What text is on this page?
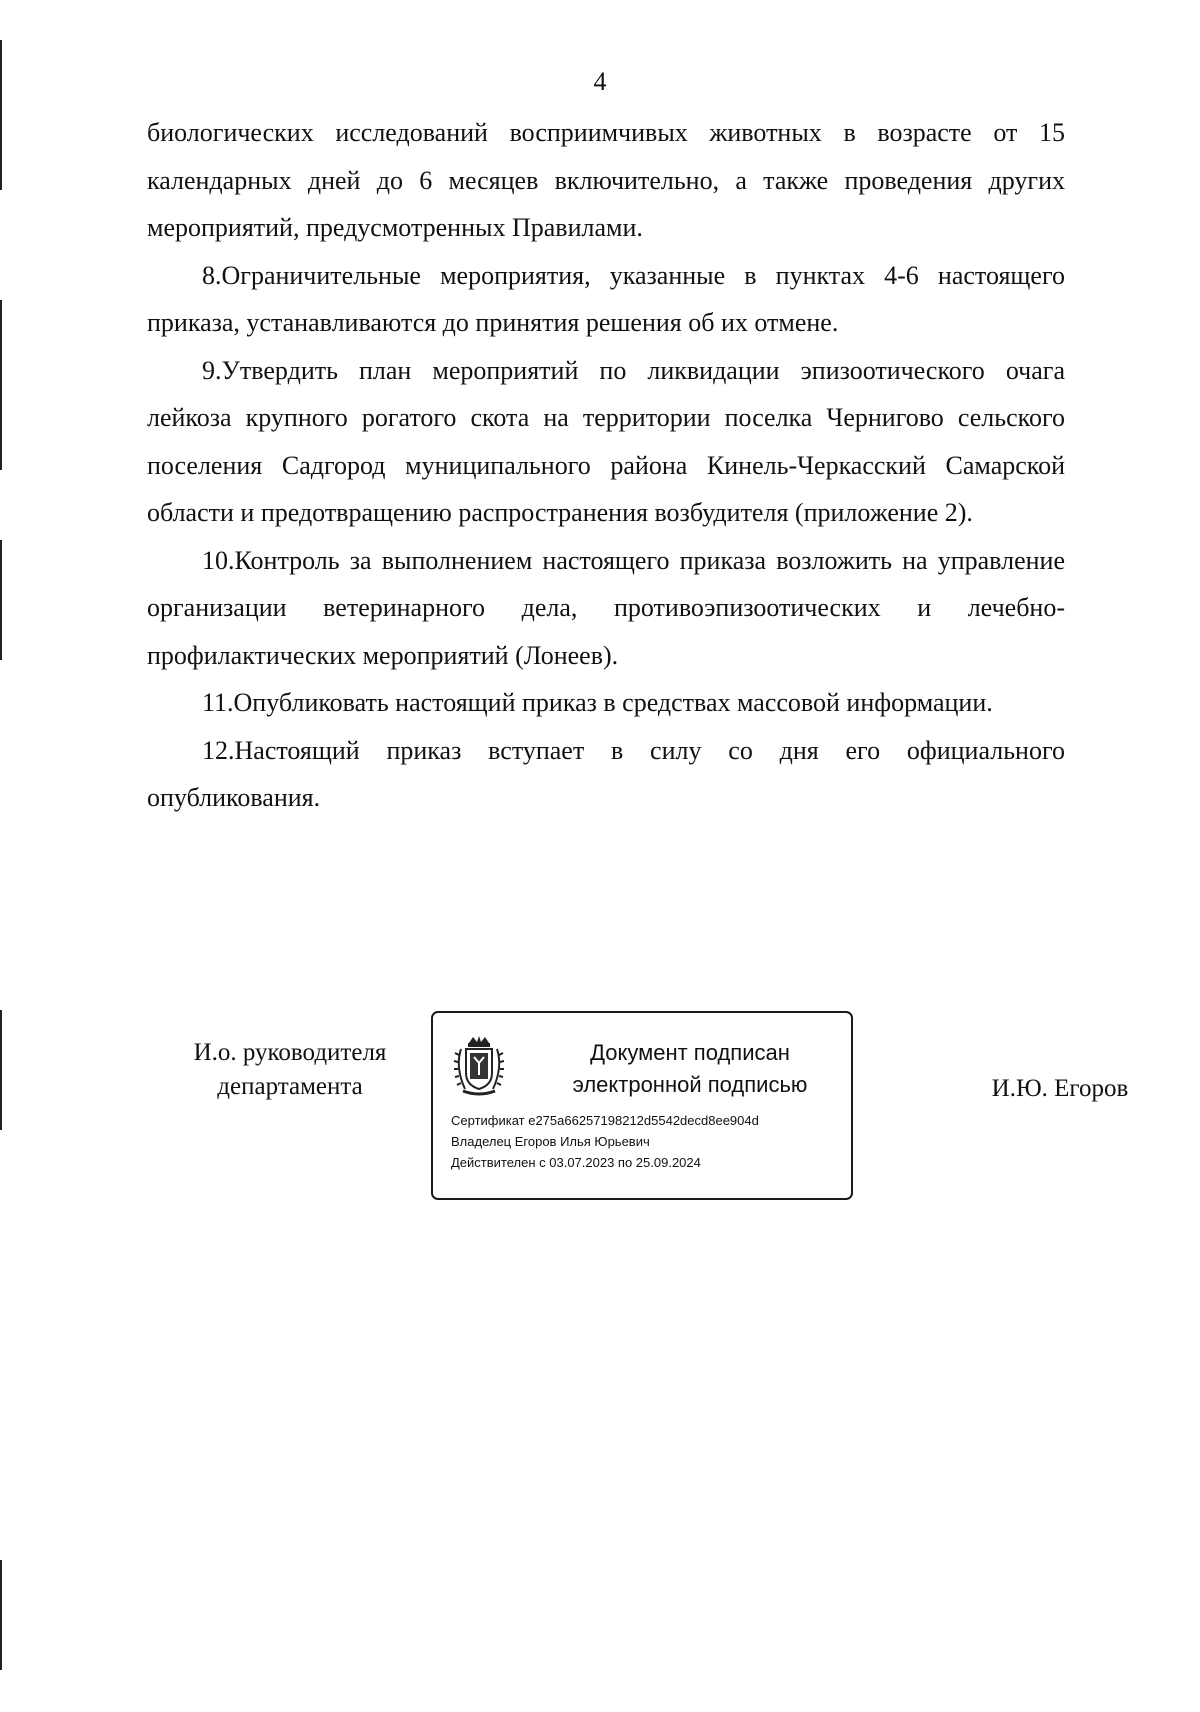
4

биологических исследований восприимчивых животных в возрасте от 15 календарных дней до 6 месяцев включительно, а также проведения других мероприятий, предусмотренных Правилами.

8.Ограничительные мероприятия, указанные в пунктах 4-6 настоящего приказа, устанавливаются до принятия решения об их отмене.

9.Утвердить план мероприятий по ликвидации эпизоотического очага лейкоза крупного рогатого скота на территории поселка Чернигово сельского поселения Садгород муниципального района Кинель-Черкасский Самарской области и предотвращению распространения возбудителя (приложение 2).

10.Контроль за выполнением настоящего приказа возложить на управление организации ветеринарного дела, противоэпизоотических и лечебно-профилактических мероприятий (Лонеев).

11.Опубликовать настоящий приказ в средствах массовой информации.

12.Настоящий приказ вступает в силу со дня его официального опубликования.

И.о. руководителя
департамента
Документ подписан
электронной подписью
Сертификат e275a66257198212d5542decd8ee904d
Владелец Егоров Илья Юрьевич
Действителен с 03.07.2023 по 25.09.2024
И.Ю. Егоров
